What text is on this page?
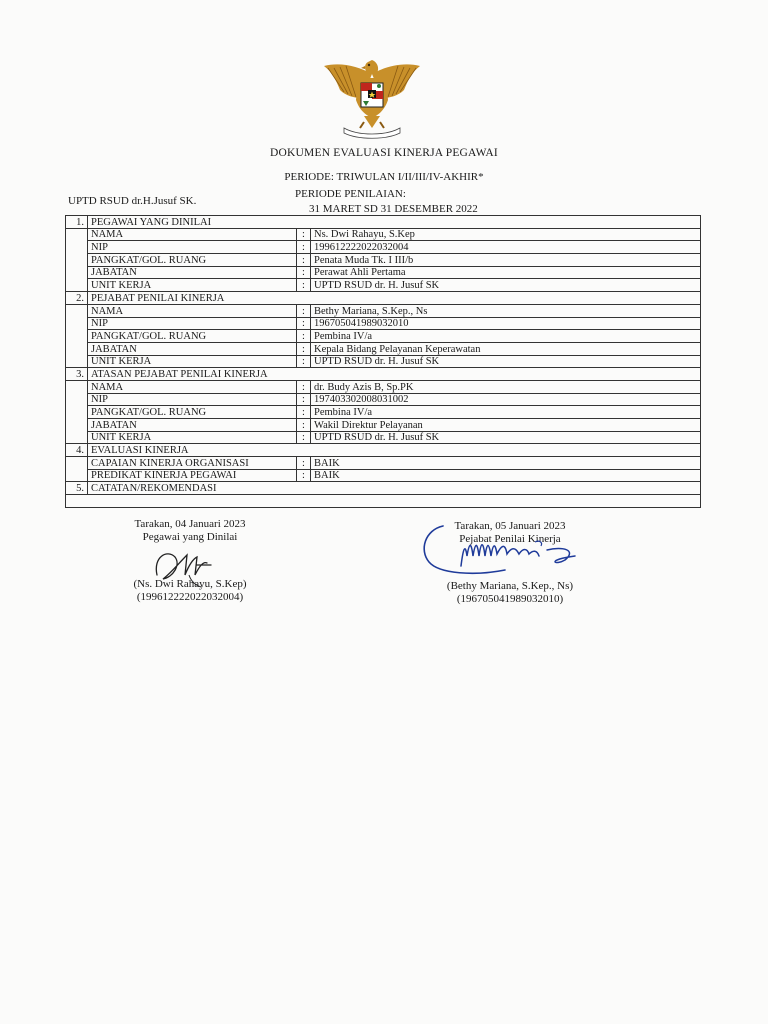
DOKUMEN EVALUASI KINERJA PEGAWAI
PERIODE: TRIWULAN I/II/III/IV-AKHIR*
UPTD RSUD dr.H.Jusuf SK.
PERIODE PENILAIAN:
31 MARET SD 31 DESEMBER 2022
1.	PEGAWAI YANG DINILAI		
	NAMA	:	Ns. Dwi Rahayu, S.Kep
	NIP	:	199612222022032004
	PANGKAT/GOL. RUANG	:	Penata Muda Tk. I III/b
	JABATAN	:	Perawat Ahli Pertama
	UNIT KERJA	:	UPTD RSUD dr. H. Jusuf SK
2.	PEJABAT PENILAI KINERJA		
	NAMA	:	Bethy Mariana, S.Kep., Ns
	NIP	:	196705041989032010
	PANGKAT/GOL. RUANG	:	Pembina IV/a
	JABATAN	:	Kepala Bidang Pelayanan Keperawatan
	UNIT KERJA	:	UPTD RSUD dr. H. Jusuf SK
3.	ATASAN PEJABAT PENILAI KINERJA		
	NAMA	:	dr. Budy Azis B, Sp.PK
	NIP	:	197403302008031002
	PANGKAT/GOL. RUANG	:	Pembina IV/a
	JABATAN	:	Wakil Direktur Pelayanan
	UNIT KERJA	:	UPTD RSUD dr. H. Jusuf SK
4.	EVALUASI KINERJA		
	CAPAIAN KINERJA ORGANISASI	:	BAIK
	PREDIKAT KINERJA PEGAWAI	:	BAIK
5.	CATATAN/REKOMENDASI		

Tarakan, 04 Januari 2023
Pegawai yang Dinilai
(Ns. Dwi Rahayu, S.Kep)
(199612222022032004)
Tarakan, 05 Januari 2023
Pejabat Penilai Kinerja
(Bethy Mariana, S.Kep., Ns)
(196705041989032010)
